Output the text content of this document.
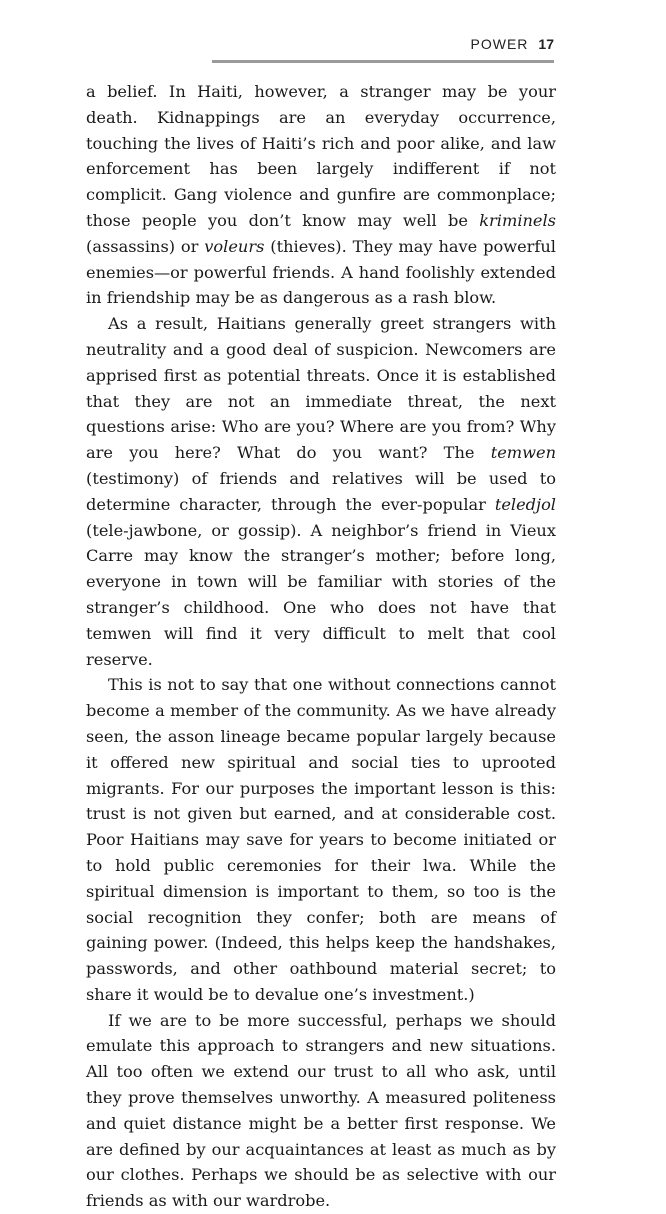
POWER 17

a belief. In Haiti, however, a stranger may be your death. Kidnappings are an everyday occurrence, touching the lives of Haiti’s rich and poor alike, and law enforcement has been largely indifferent if not complicit. Gang violence and gunfire are commonplace; those people you don’t know may well be kriminels (assassins) or voleurs (thieves). They may have powerful enemies—or powerful friends. A hand foolishly extended in friendship may be as dangerous as a rash blow.

As a result, Haitians generally greet strangers with neutrality and a good deal of suspicion. Newcomers are apprised first as potential threats. Once it is established that they are not an immediate threat, the next questions arise: Who are you? Where are you from? Why are you here? What do you want? The temwen (testimony) of friends and relatives will be used to determine character, through the ever-popular teledjol (tele-jawbone, or gossip). A neighbor’s friend in Vieux Carre may know the stranger’s mother; before long, everyone in town will be familiar with stories of the stranger’s childhood. One who does not have that temwen will find it very difficult to melt that cool reserve.

This is not to say that one without connections cannot become a member of the community. As we have already seen, the asson lineage became popular largely because it offered new spiritual and social ties to uprooted migrants. For our purposes the important lesson is this: trust is not given but earned, and at considerable cost. Poor Haitians may save for years to become initiated or to hold public ceremonies for their lwa. While the spiritual dimension is important to them, so too is the social recognition they confer; both are means of gaining power. (Indeed, this helps keep the handshakes, passwords, and other oathbound material secret; to share it would be to devalue one’s investment.)

If we are to be more successful, perhaps we should emulate this approach to strangers and new situations. All too often we extend our trust to all who ask, until they prove themselves unworthy. A measured politeness and quiet distance might be a better first response. We are defined by our acquaintances at least as much as by our clothes. Perhaps we should be as selective with our friends as with our wardrobe.
